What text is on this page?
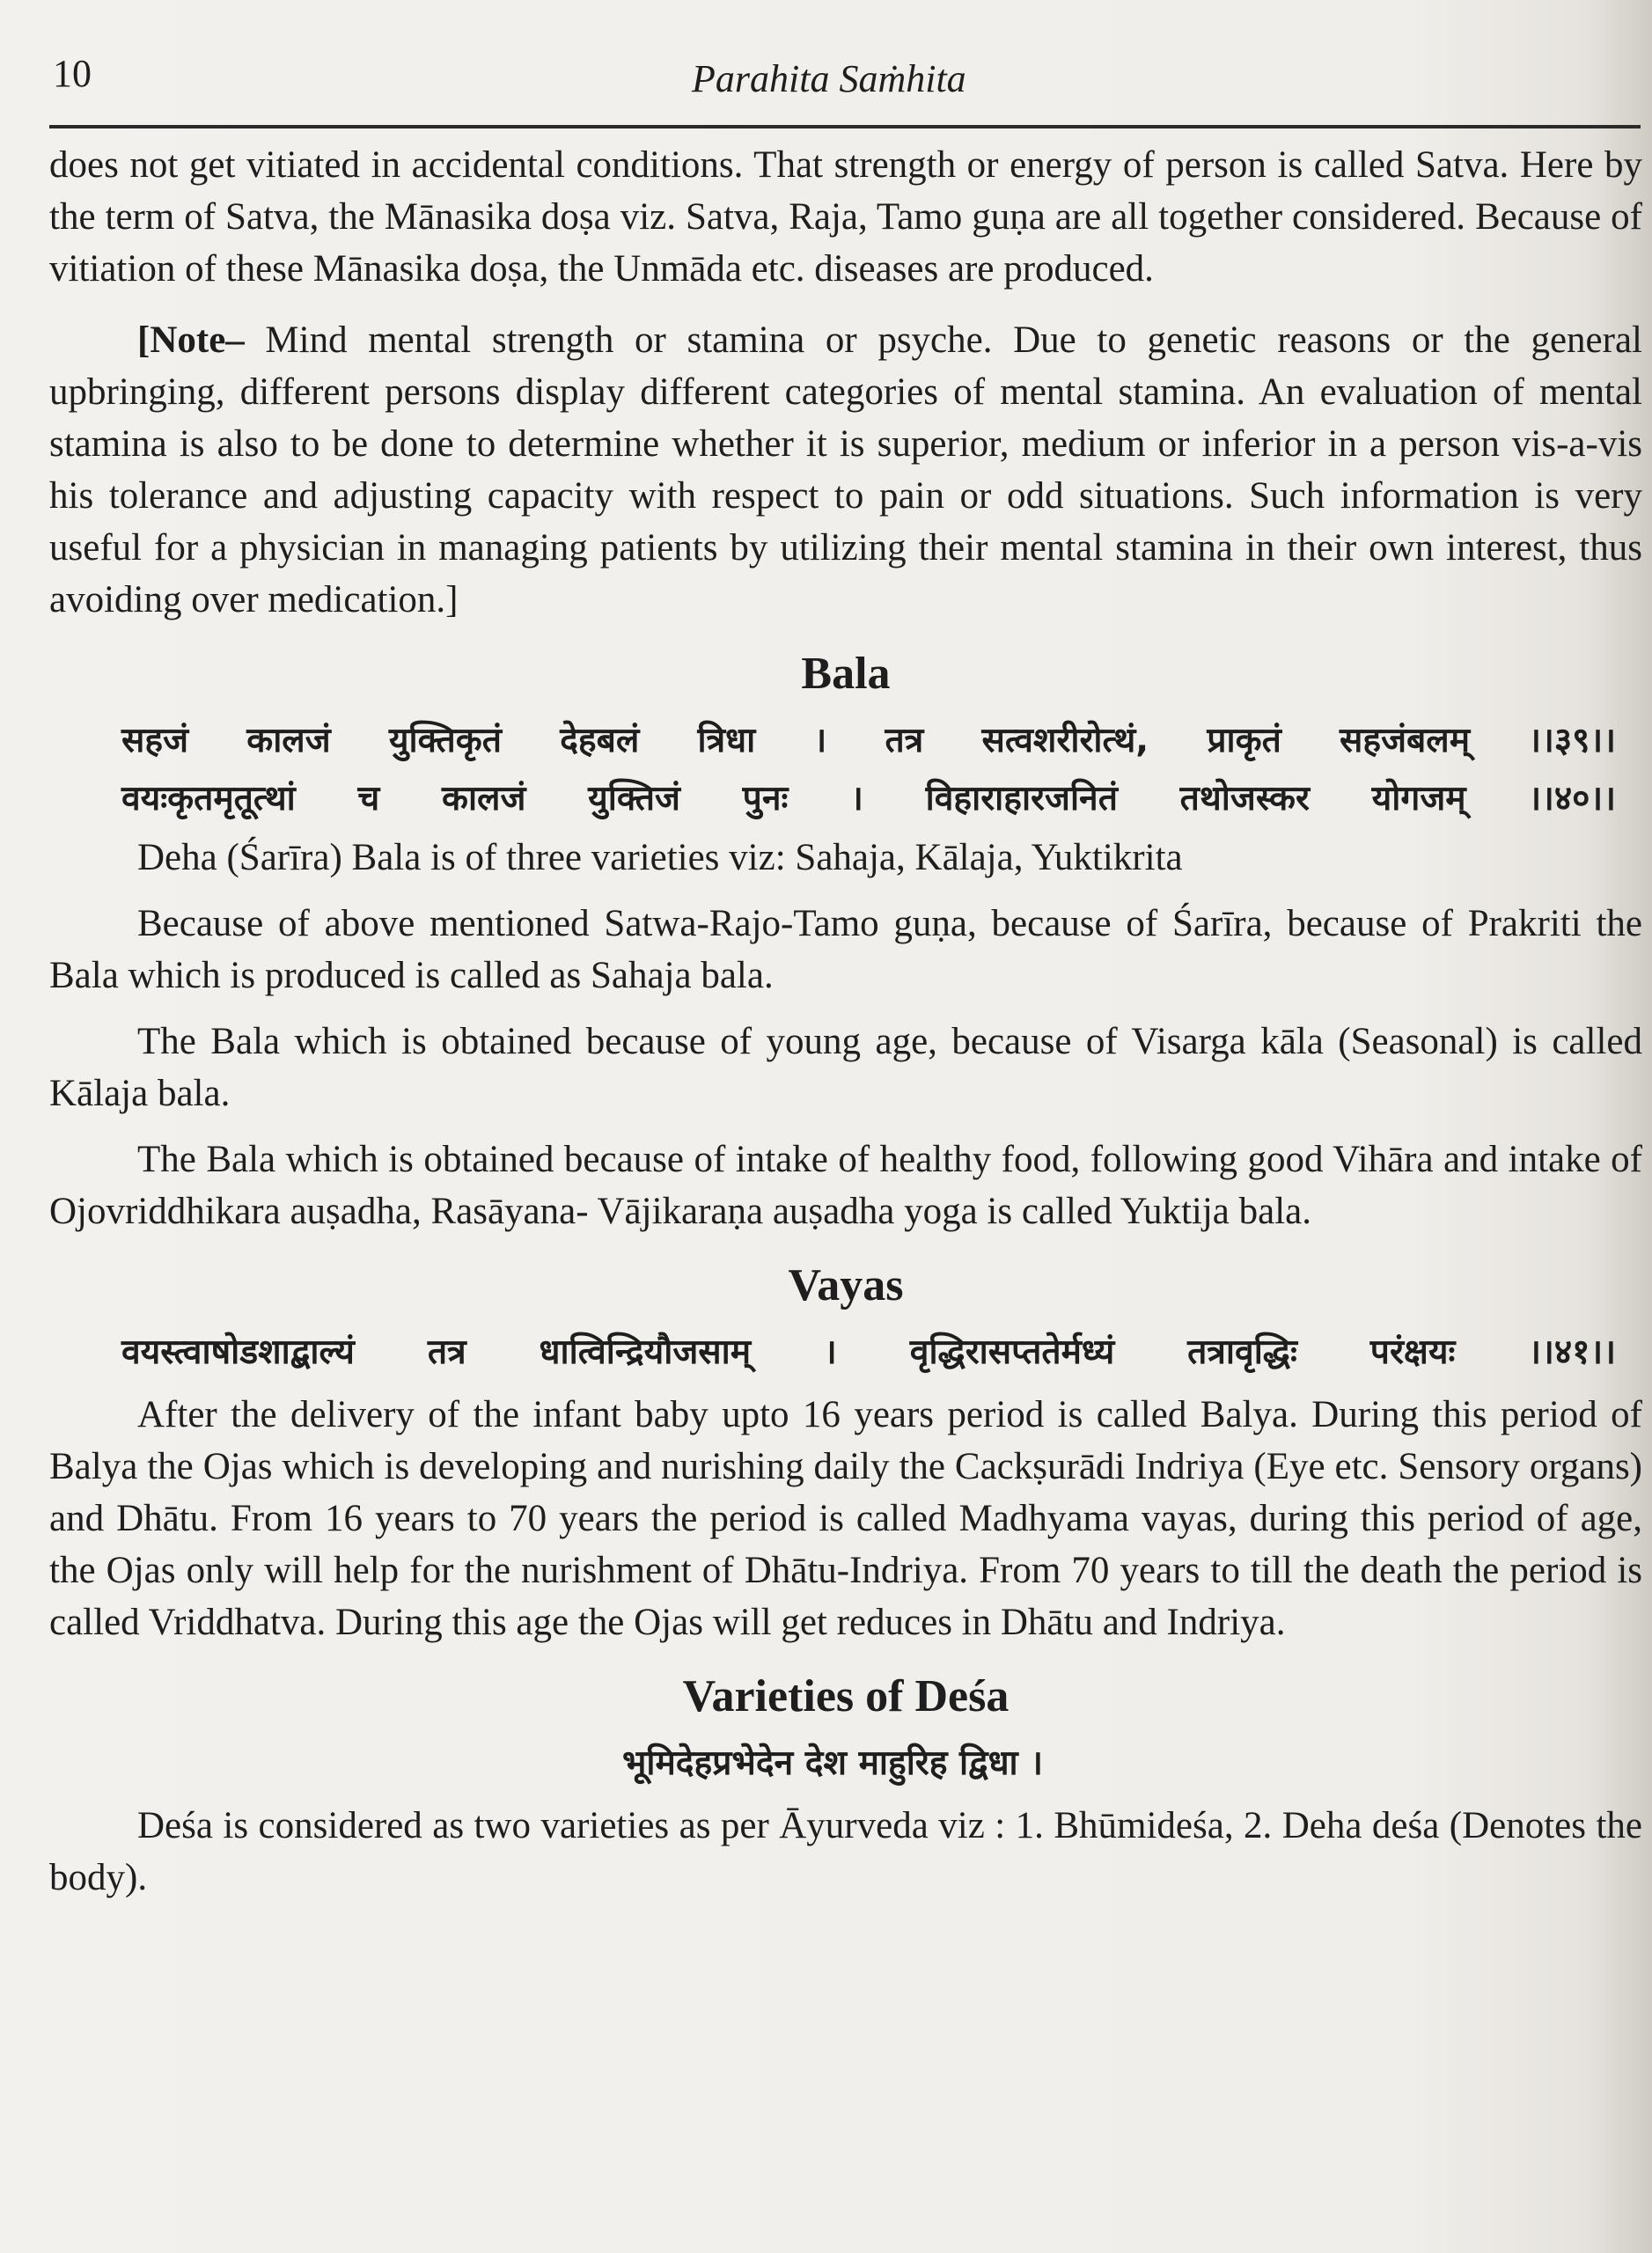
10	Parahita Saṁhita

does not get vitiated in accidental conditions. That strength or energy of person is called Satva. Here by the term of Satva, the Mānasika doṣa viz. Satva, Raja, Tamo guṇa are all together considered. Because of vitiation of these Mānasika doṣa, the Unmāda etc. diseases are produced.

[Note– Mind mental strength or stamina or psyche. Due to genetic reasons or the general upbringing, different persons display different categories of mental stamina. An evaluation of mental stamina is also to be done to determine whether it is superior, medium or inferior in a person vis-a-vis his tolerance and adjusting capacity with respect to pain or odd situations. Such information is very useful for a physician in managing patients by utilizing their mental stamina in their own interest, thus avoiding over medication.]

Bala

सहजं कालजं युक्तिकृतं देहबलं त्रिधा । तत्र सत्वशरीरोत्थं, प्राकृतं सहजंबलम् ।।३९।।

वयःकृतमृतूत्थां च कालजं युक्तिजं पुनः । विहाराहारजनितं तथोजस्कर योगजम् ।।४०।।

Deha (Śarīra) Bala is of three varieties viz: Sahaja, Kālaja, Yuktikrita

Because of above mentioned Satwa-Rajo-Tamo guṇa, because of Śarīra, because of Prakriti the Bala which is produced is called as Sahaja bala.

The Bala which is obtained because of young age, because of Visarga kāla (Seasonal) is called Kālaja bala.

The Bala which is obtained because of intake of healthy food, following good Vihāra and intake of Ojovriddhikara auṣadha, Rasāyana- Vājikaraṇa auṣadha yoga is called Yuktija bala.

Vayas

वयस्त्वाषोडशाद्बाल्यं तत्र धात्विन्द्रियौजसाम् । वृद्धिरासप्ततेर्मध्यं तत्रावृद्धिः परंक्षयः ।।४१।।

After the delivery of the infant baby upto 16 years period is called Balya. During this period of Balya the Ojas which is developing and nurishing daily the Cackṣurādi Indriya (Eye etc. Sensory organs) and Dhātu. From 16 years to 70 years the period is called Madhyama vayas, during this period of age, the Ojas only will help for the nurishment of Dhātu-Indriya. From 70 years to till the death the period is called Vriddhatva. During this age the Ojas will get reduces in Dhātu and Indriya.

Varieties of Deśa

भूमिदेहप्रभेदेन देश माहुरिह द्विधा ।

Deśa is considered as two varieties as per Āyurveda viz : 1. Bhūmideśa, 2. Deha deśa (Denotes the body).
